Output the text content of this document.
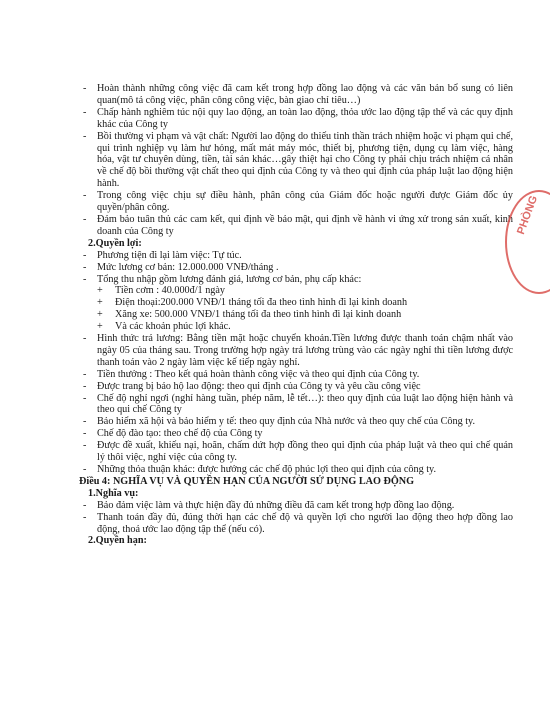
-	Hoàn thành những công việc đã cam kết trong hợp đồng lao động và các văn bản bổ sung có liên quan(mô tả công việc, phân công công việc, bàn giao chỉ tiêu…)
-	Chấp hành nghiêm túc nội quy lao động, an toàn lao động, thỏa ước lao động tập thể và các quy định khác của Công ty
-	Bồi thường vi phạm và vật chất: Người lao động do thiếu tinh thần trách nhiệm hoặc vi phạm qui chế, qui trình nghiệp vụ làm hư hỏng, mất mát máy móc, thiết bị, phương tiện, dụng cụ làm việc, hàng hóa, vật tư chuyên dùng, tiền, tài sản khác…gây thiệt hại cho Công ty phải chịu trách nhiệm cá nhân về chế độ bồi thường vật chất theo qui định của Công ty và theo qui định của pháp luật lao động hiện hành.
-	Trong công việc chịu sự điều hành, phân công của Giám đốc hoặc người được Giám đốc ủy quyền/phân công.
-	Đảm bảo tuân thủ các cam kết, qui định về bảo mật, qui định về hành vi ứng xử trong sản xuất, kinh doanh của Công ty
2.Quyền lợi:
-	Phương tiện đi lại làm việc: Tự túc.
-	Mức lương cơ bản: 12.000.000 VNĐ/tháng .
-	Tổng thu nhập gồm lương đánh giá, lương cơ bản, phụ cấp khác:
+ Tiền cơm : 40.000đ/1 ngày
+ Điện thoại:200.000 VNĐ/1 tháng tối đa theo tình hình đi lại kinh doanh
+ Xăng xe: 500.000 VNĐ/1 tháng tối đa theo tình hình đi lại kinh doanh
+ Và các khoản phúc lợi khác.
-	Hình thức trả lương: Bằng tiền mặt hoặc chuyển khoản.Tiền lương được thanh toán chậm nhất vào ngày 05 của tháng sau. Trong trường hợp ngày trả lương trùng vào các ngày nghỉ thì tiền lương được thanh toán vào 2 ngày làm việc kế tiếp ngày nghỉ.
-	Tiền thưởng : Theo kết quả hoàn thành công việc và theo qui định của Công ty.
-	Được trang bị bảo hộ lao động: theo qui định của Công ty và yêu cầu công việc
-	Chế độ nghỉ ngơi (nghỉ hàng tuần, phép năm, lễ tết…): theo quy định của luật lao động hiện hành và theo qui chế Công ty
-	Bảo hiểm xã hội và bảo hiểm y tế: theo quy định của Nhà nước và theo quy chế của Công ty.
-	Chế độ đào tạo: theo chế độ của Công ty
-	Được đề xuất, khiếu nại, hoãn, chấm dứt hợp đồng theo qui định của pháp luật và theo qui chế quản lý thôi việc, nghỉ việc của công ty.
-	Những thỏa thuận khác: được hưởng các chế độ phúc lợi theo qui định của công ty.
Điều 4: NGHĨA VỤ VÀ QUYỀN HẠN CỦA NGƯỜI SỬ DỤNG LAO ĐỘNG
1.Nghĩa vụ:
-	Bảo đảm việc làm và thực hiện đầy đủ những điều đã cam kết trong hợp đồng lao động.
-	Thanh toán đầy đủ, đúng thời hạn các chế độ và quyền lợi cho người lao động theo hợp đồng lao động, thoả ước lao động tập thể (nếu có).
2.Quyền hạn:
PHÒNG
